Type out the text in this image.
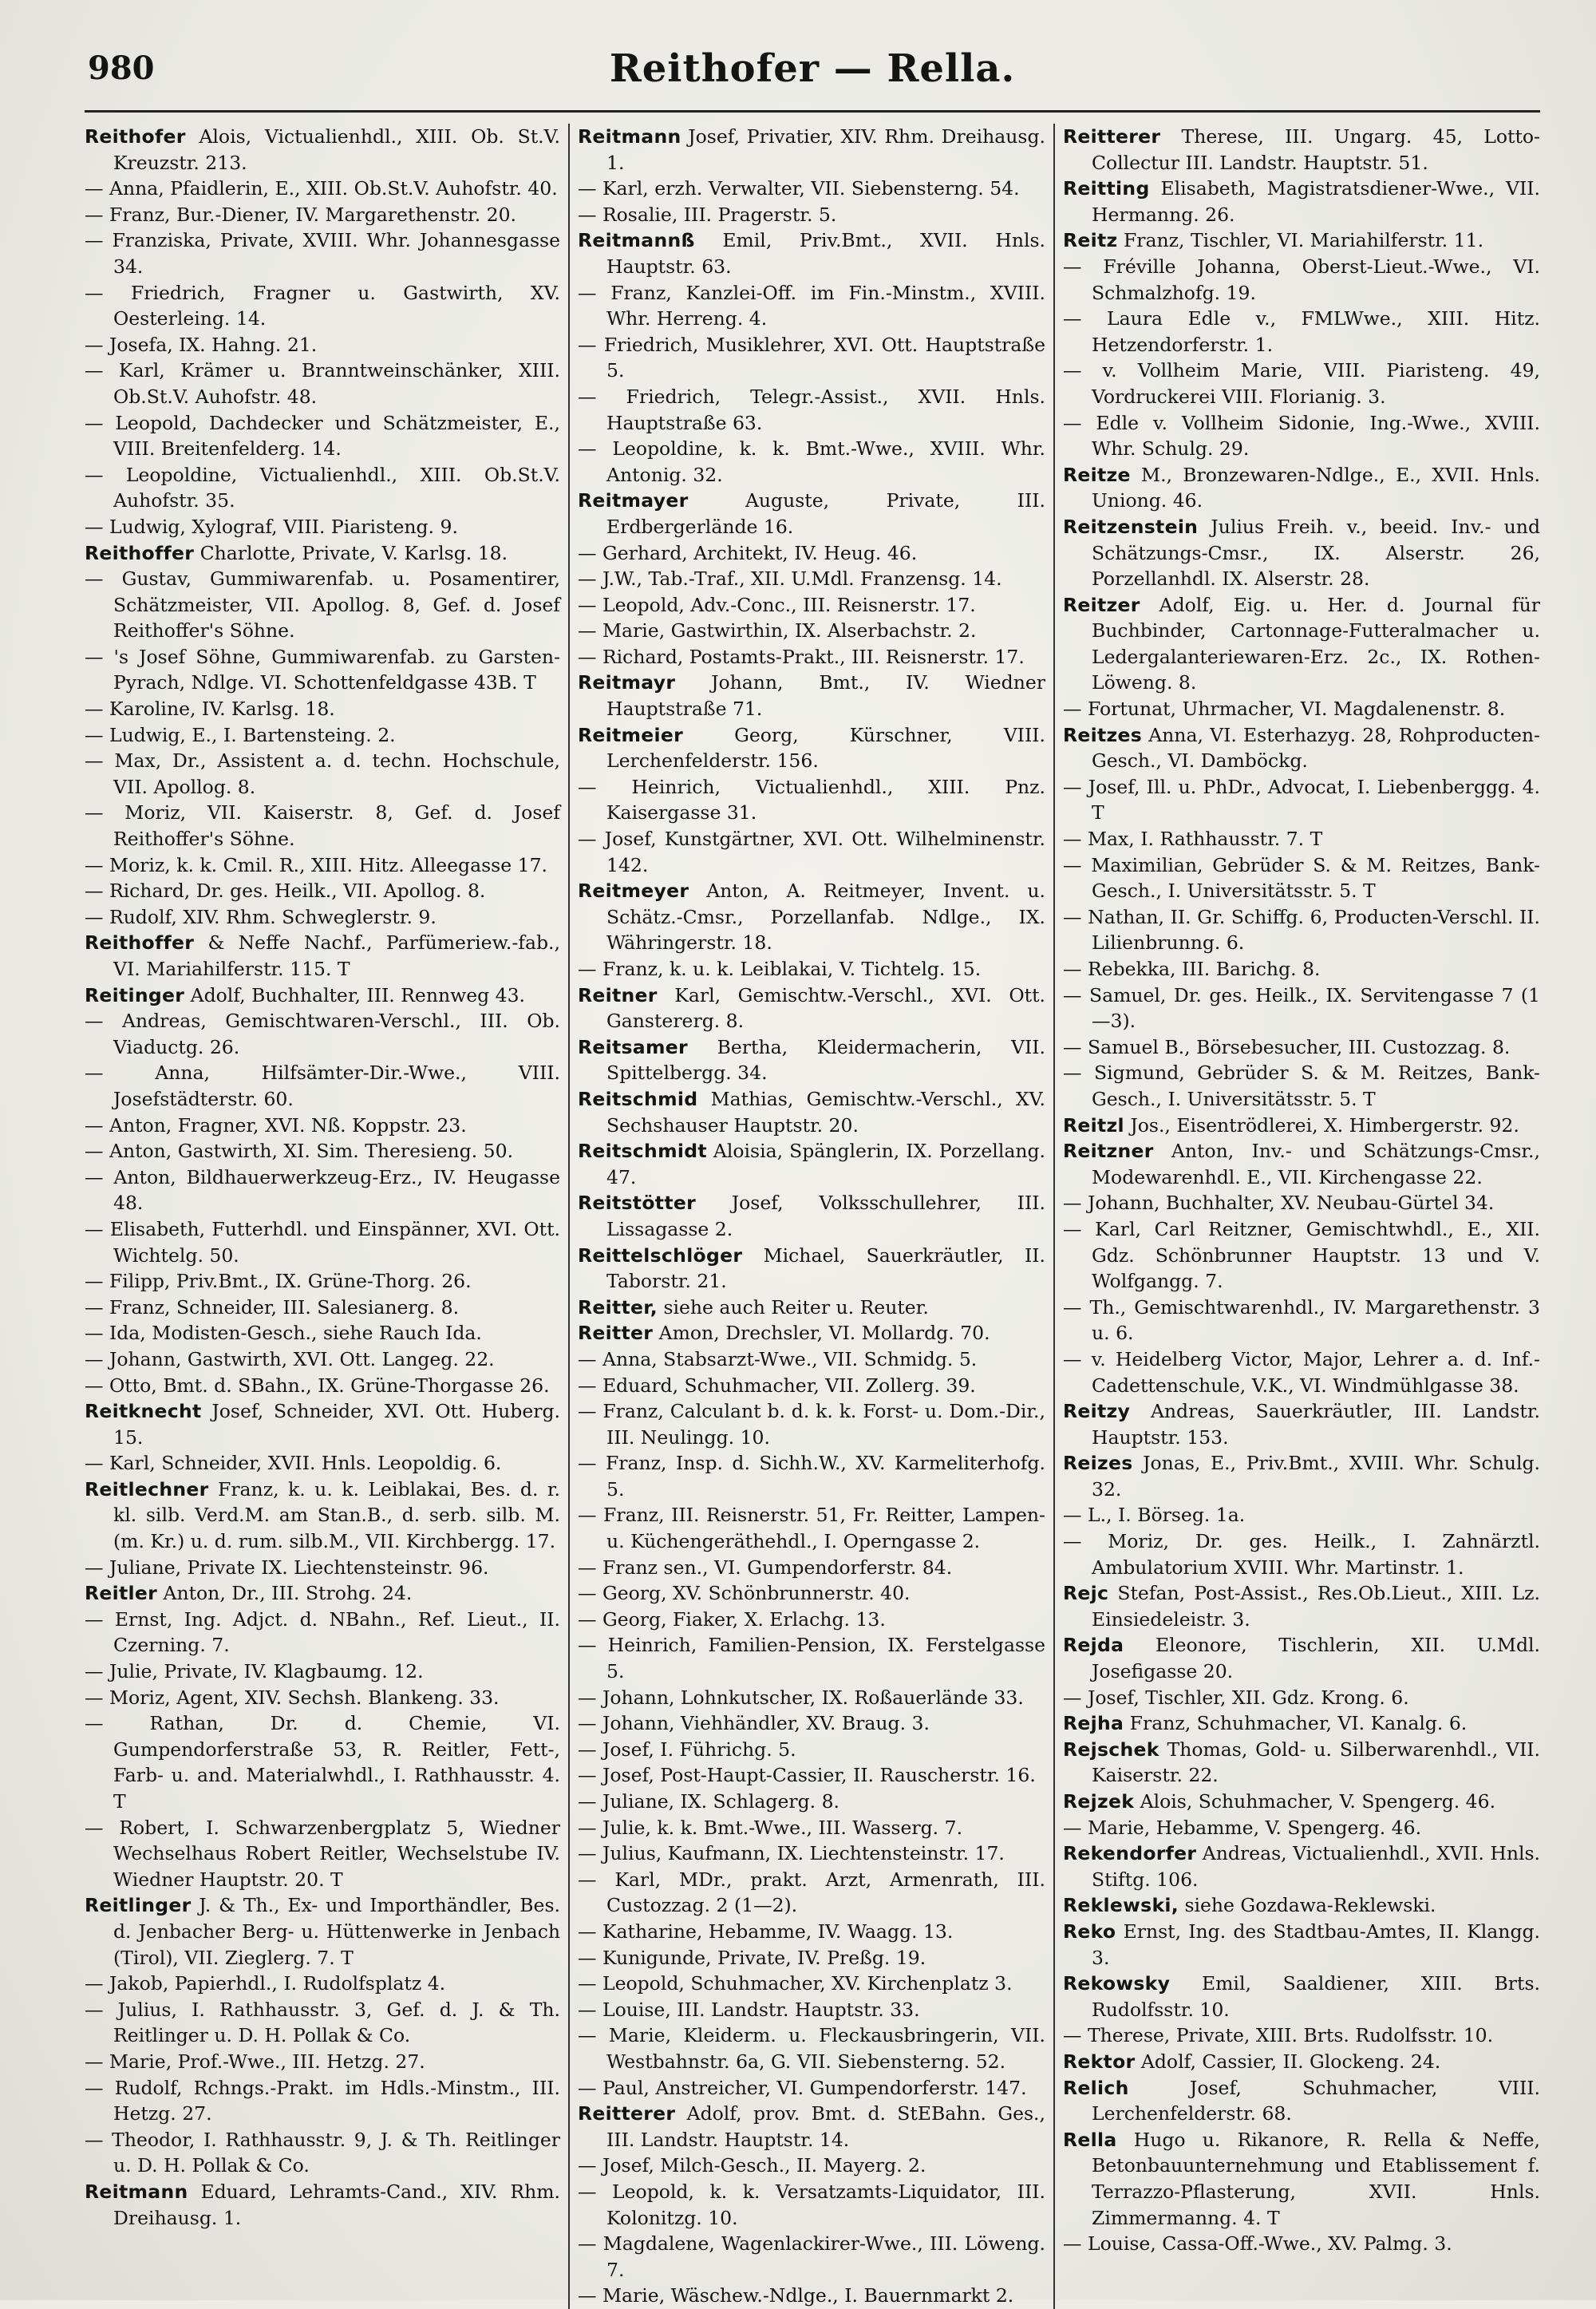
980	Reithofer — Rella.

Reithofer Alois, Victualienhdl., XIII. Ob. St.V. Kreuzstr. 213.

— Anna, Pfaidlerin, E., XIII. Ob.St.V. Auhofstr. 40.

— Franz, Bur.-Diener, IV. Margarethenstr. 20.

— Franziska, Private, XVIII. Whr. Johannesgasse 34.

— Friedrich, Fragner u. Gastwirth, XV. Oesterleing. 14.

— Josefa, IX. Hahng. 21.

— Karl, Krämer u. Branntweinschänker, XIII. Ob.St.V. Auhofstr. 48.

— Leopold, Dachdecker und Schätzmeister, E., VIII. Breitenfelderg. 14.

— Leopoldine, Victualienhdl., XIII. Ob.St.V. Auhofstr. 35.

— Ludwig, Xylograf, VIII. Piaristeng. 9.

Reithoffer Charlotte, Private, V. Karlsg. 18.

— Gustav, Gummiwarenfab. u. Posamentirer, Schätzmeister, VII. Apollog. 8, Gef. d. Josef Reithoffer's Söhne.

— 's Josef Söhne, Gummiwarenfab. zu Garsten-Pyrach, Ndlge. VI. Schottenfeldgasse 43B. T

— Karoline, IV. Karlsg. 18.

— Ludwig, E., I. Bartensteing. 2.

— Max, Dr., Assistent a. d. techn. Hochschule, VII. Apollog. 8.

— Moriz, VII. Kaiserstr. 8, Gef. d. Josef Reithoffer's Söhne.

— Moriz, k. k. Cmil. R., XIII. Hitz. Alleegasse 17.

— Richard, Dr. ges. Heilk., VII. Apollog. 8.

— Rudolf, XIV. Rhm. Schweglerstr. 9.

Reithoffer & Neffe Nachf., Parfümeriew.-fab., VI. Mariahilferstr. 115. T

Reitinger Adolf, Buchhalter, III. Rennweg 43.

— Andreas, Gemischtwaren-Verschl., III. Ob. Viaductg. 26.

— Anna, Hilfsämter-Dir.-Wwe., VIII. Josefstädterstr. 60.

— Anton, Fragner, XVI. Nß. Koppstr. 23.

— Anton, Gastwirth, XI. Sim. Theresieng. 50.

— Anton, Bildhauerwerkzeug-Erz., IV. Heugasse 48.

— Elisabeth, Futterhdl. und Einspänner, XVI. Ott. Wichtelg. 50.

— Filipp, Priv.Bmt., IX. Grüne-Thorg. 26.

— Franz, Schneider, III. Salesianerg. 8.

— Ida, Modisten-Gesch., siehe Rauch Ida.

— Johann, Gastwirth, XVI. Ott. Langeg. 22.

— Otto, Bmt. d. SBahn., IX. Grüne-Thorgasse 26.

Reitknecht Josef, Schneider, XVI. Ott. Huberg. 15.

— Karl, Schneider, XVII. Hnls. Leopoldig. 6.

Reitlechner Franz, k. u. k. Leiblakai, Bes. d. r. kl. silb. Verd.M. am Stan.B., d. serb. silb. M. (m. Kr.) u. d. rum. silb.M., VII. Kirchbergg. 17.

— Juliane, Private IX. Liechtensteinstr. 96.

Reitler Anton, Dr., III. Strohg. 24.

— Ernst, Ing. Adjct. d. NBahn., Ref. Lieut., II. Czerning. 7.

— Julie, Private, IV. Klagbaumg. 12.

— Moriz, Agent, XIV. Sechsh. Blankeng. 33.

— Rathan, Dr. d. Chemie, VI. Gumpendorferstraße 53, R. Reitler, Fett-, Farb- u. and. Materialwhdl., I. Rathhausstr. 4. T

— Robert, I. Schwarzenbergplatz 5, Wiedner Wechselhaus Robert Reitler, Wechselstube IV. Wiedner Hauptstr. 20. T

Reitlinger J. & Th., Ex- und Importhändler, Bes. d. Jenbacher Berg- u. Hüttenwerke in Jenbach (Tirol), VII. Zieglerg. 7. T

— Jakob, Papierhdl., I. Rudolfsplatz 4.

— Julius, I. Rathhausstr. 3, Gef. d. J. & Th. Reitlinger u. D. H. Pollak & Co.

— Marie, Prof.-Wwe., III. Hetzg. 27.

— Rudolf, Rchngs.-Prakt. im Hdls.-Minstm., III. Hetzg. 27.

— Theodor, I. Rathhausstr. 9, J. & Th. Reitlinger u. D. H. Pollak & Co.

Reitmann Eduard, Lehramts-Cand., XIV. Rhm. Dreihausg. 1.

Reitmann Josef, Privatier, XIV. Rhm. Dreihausg. 1.

— Karl, erzh. Verwalter, VII. Siebensterng. 54.

— Rosalie, III. Pragerstr. 5.

Reitmannß Emil, Priv.Bmt., XVII. Hnls. Hauptstr. 63.

— Franz, Kanzlei-Off. im Fin.-Minstm., XVIII. Whr. Herreng. 4.

— Friedrich, Musiklehrer, XVI. Ott. Hauptstraße 5.

— Friedrich, Telegr.-Assist., XVII. Hnls. Hauptstraße 63.

— Leopoldine, k. k. Bmt.-Wwe., XVIII. Whr. Antonig. 32.

Reitmayer Auguste, Private, III. Erdbergerlände 16.

— Gerhard, Architekt, IV. Heug. 46.

— J.W., Tab.-Traf., XII. U.Mdl. Franzensg. 14.

— Leopold, Adv.-Conc., III. Reisnerstr. 17.

— Marie, Gastwirthin, IX. Alserbachstr. 2.

— Richard, Postamts-Prakt., III. Reisnerstr. 17.

Reitmayr Johann, Bmt., IV. Wiedner Hauptstraße 71.

Reitmeier Georg, Kürschner, VIII. Lerchenfelderstr. 156.

— Heinrich, Victualienhdl., XIII. Pnz. Kaisergasse 31.

— Josef, Kunstgärtner, XVI. Ott. Wilhelminenstr. 142.

Reitmeyer Anton, A. Reitmeyer, Invent. u. Schätz.-Cmsr., Porzellanfab. Ndlge., IX. Währingerstr. 18.

— Franz, k. u. k. Leiblakai, V. Tichtelg. 15.

Reitner Karl, Gemischtw.-Verschl., XVI. Ott. Ganstererg. 8.

Reitsamer Bertha, Kleidermacherin, VII. Spittelbergg. 34.

Reitschmid Mathias, Gemischtw.-Verschl., XV. Sechshauser Hauptstr. 20.

Reitschmidt Aloisia, Spänglerin, IX. Porzellang. 47.

Reitstötter Josef, Volksschullehrer, III. Lissagasse 2.

Reittelschlöger Michael, Sauerkräutler, II. Taborstr. 21.

Reitter, siehe auch Reiter u. Reuter.

Reitter Amon, Drechsler, VI. Mollardg. 70.

— Anna, Stabsarzt-Wwe., VII. Schmidg. 5.

— Eduard, Schuhmacher, VII. Zollerg. 39.

— Franz, Calculant b. d. k. k. Forst- u. Dom.-Dir., III. Neulingg. 10.

— Franz, Insp. d. Sichh.W., XV. Karmeliterhofg. 5.

— Franz, III. Reisnerstr. 51, Fr. Reitter, Lampen- u. Küchengeräthehdl., I. Operngasse 2.

— Franz sen., VI. Gumpendorferstr. 84.

— Georg, XV. Schönbrunnerstr. 40.

— Georg, Fiaker, X. Erlachg. 13.

— Heinrich, Familien-Pension, IX. Ferstelgasse 5.

— Johann, Lohnkutscher, IX. Roßauerlände 33.

— Johann, Viehhändler, XV. Braug. 3.

— Josef, I. Führichg. 5.

— Josef, Post-Haupt-Cassier, II. Rauscherstr. 16.

— Juliane, IX. Schlagerg. 8.

— Julie, k. k. Bmt.-Wwe., III. Wasserg. 7.

— Julius, Kaufmann, IX. Liechtensteinstr. 17.

— Karl, MDr., prakt. Arzt, Armenrath, III. Custozzag. 2 (1—2).

— Katharine, Hebamme, IV. Waagg. 13.

— Kunigunde, Private, IV. Preßg. 19.

— Leopold, Schuhmacher, XV. Kirchenplatz 3.

— Louise, III. Landstr. Hauptstr. 33.

— Marie, Kleiderm. u. Fleckausbringerin, VII. Westbahnstr. 6a, G. VII. Siebensterng. 52.

— Paul, Anstreicher, VI. Gumpendorferstr. 147.

Reitterer Adolf, prov. Bmt. d. StEBahn. Ges., III. Landstr. Hauptstr. 14.

— Josef, Milch-Gesch., II. Mayerg. 2.

— Leopold, k. k. Versatzamts-Liquidator, III. Kolonitzg. 10.

— Magdalene, Wagenlackirer-Wwe., III. Löweng. 7.

— Marie, Wäschew.-Ndlge., I. Bauernmarkt 2.

Reitterer Therese, III. Ungarg. 45, Lotto-Collectur III. Landstr. Hauptstr. 51.

Reitting Elisabeth, Magistratsdiener-Wwe., VII. Hermanng. 26.

Reitz Franz, Tischler, VI. Mariahilferstr. 11.

— Fréville Johanna, Oberst-Lieut.-Wwe., VI. Schmalzhofg. 19.

— Laura Edle v., FMLWwe., XIII. Hitz. Hetzendorferstr. 1.

— v. Vollheim Marie, VIII. Piaristeng. 49, Vordruckerei VIII. Florianig. 3.

— Edle v. Vollheim Sidonie, Ing.-Wwe., XVIII. Whr. Schulg. 29.

Reitze M., Bronzewaren-Ndlge., E., XVII. Hnls. Uniong. 46.

Reitzenstein Julius Freih. v., beeid. Inv.- und Schätzungs-Cmsr., IX. Alserstr. 26, Porzellanhdl. IX. Alserstr. 28.

Reitzer Adolf, Eig. u. Her. d. Journal für Buchbinder, Cartonnage-Futteralmacher u. Ledergalanteriewaren-Erz. 2c., IX. Rothen-Löweng. 8.

— Fortunat, Uhrmacher, VI. Magdalenenstr. 8.

Reitzes Anna, VI. Esterhazyg. 28, Rohproducten-Gesch., VI. Damböckg.

— Josef, Ill. u. PhDr., Advocat, I. Liebenberggg. 4. T

— Max, I. Rathhausstr. 7. T

— Maximilian, Gebrüder S. & M. Reitzes, Bank-Gesch., I. Universitätsstr. 5. T

— Nathan, II. Gr. Schiffg. 6, Producten-Verschl. II. Lilienbrunng. 6.

— Rebekka, III. Barichg. 8.

— Samuel, Dr. ges. Heilk., IX. Servitengasse 7 (1—3).

— Samuel B., Börsebesucher, III. Custozzag. 8.

— Sigmund, Gebrüder S. & M. Reitzes, Bank-Gesch., I. Universitätsstr. 5. T

Reitzl Jos., Eisentrödlerei, X. Himbergerstr. 92.

Reitzner Anton, Inv.- und Schätzungs-Cmsr., Modewarenhdl. E., VII. Kirchengasse 22.

— Johann, Buchhalter, XV. Neubau-Gürtel 34.

— Karl, Carl Reitzner, Gemischtwhdl., E., XII. Gdz. Schönbrunner Hauptstr. 13 und V. Wolfgangg. 7.

— Th., Gemischtwarenhdl., IV. Margarethenstr. 3 u. 6.

— v. Heidelberg Victor, Major, Lehrer a. d. Inf.-Cadettenschule, V.K., VI. Windmühlgasse 38.

Reitzy Andreas, Sauerkräutler, III. Landstr. Hauptstr. 153.

Reizes Jonas, E., Priv.Bmt., XVIII. Whr. Schulg. 32.

— L., I. Börseg. 1a.

— Moriz, Dr. ges. Heilk., I. Zahnärztl. Ambulatorium XVIII. Whr. Martinstr. 1.

Rejc Stefan, Post-Assist., Res.Ob.Lieut., XIII. Lz. Einsiedeleistr. 3.

Rejda Eleonore, Tischlerin, XII. U.Mdl. Josefigasse 20.

— Josef, Tischler, XII. Gdz. Krong. 6.

Rejha Franz, Schuhmacher, VI. Kanalg. 6.

Rejschek Thomas, Gold- u. Silberwarenhdl., VII. Kaiserstr. 22.

Rejzek Alois, Schuhmacher, V. Spengerg. 46.

— Marie, Hebamme, V. Spengerg. 46.

Rekendorfer Andreas, Victualienhdl., XVII. Hnls. Stiftg. 106.

Reklewski, siehe Gozdawa-Reklewski.

Reko Ernst, Ing. des Stadtbau-Amtes, II. Klangg. 3.

Rekowsky Emil, Saaldiener, XIII. Brts. Rudolfsstr. 10.

— Therese, Private, XIII. Brts. Rudolfsstr. 10.

Rektor Adolf, Cassier, II. Glockeng. 24.

Relich Josef, Schuhmacher, VIII. Lerchenfelderstr. 68.

Rella Hugo u. Rikanore, R. Rella & Neffe, Betonbauunternehmung und Etablissement f. Terrazzo-Pflasterung, XVII. Hnls. Zimmermanng. 4. T

— Louise, Cassa-Off.-Wwe., XV. Palmg. 3.
